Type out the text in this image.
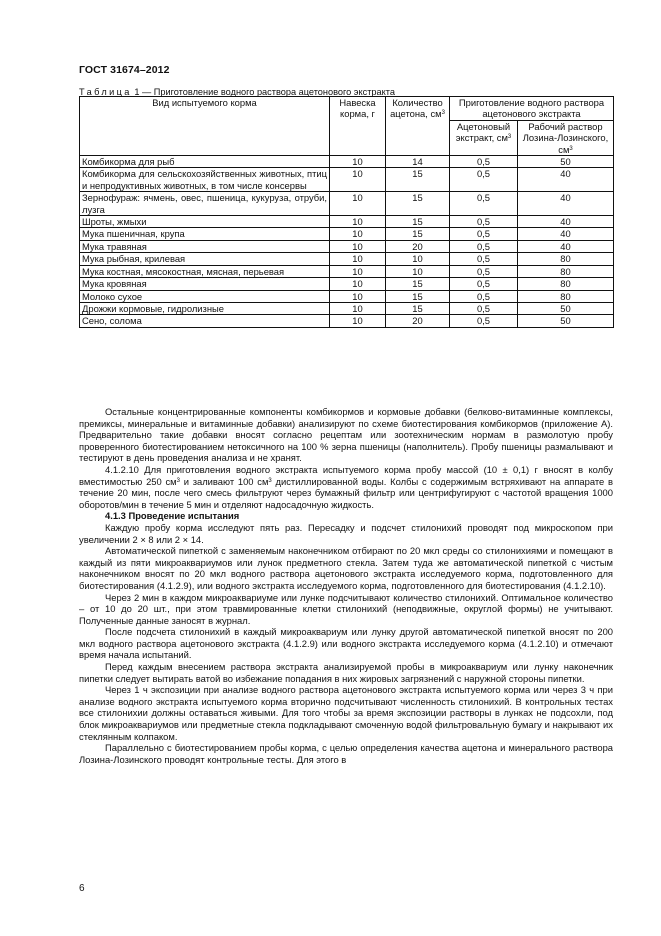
ГОСТ 31674–2012
Таблица 1 — Приготовление водного раствора ацетонового экстракта
Вид испытуемого корма	Навеска корма, г	Количество ацетона, $см^3$	Приготовление водного раствора ацетонового экстракта	
			Ацетоновый экстракт, $см^3$	Рабочий раствор Лозина-Лозинского, $см^3$
Комбикорма для рыб	10	14	0,5	50
Комбикорма для сельскохозяйственных животных, птиц и непродуктивных животных, в том числе консервы	10	15	0,5	40
Зернофураж: ячмень, овес, пшеница, кукуруза, отруби, лузга	10	15	0,5	40
Шроты, жмыхи	10	15	0,5	40
Мука пшеничная, крупа	10	15	0,5	40
Мука травяная	10	20	0,5	40
Мука рыбная, крилевая	10	10	0,5	80
Мука костная, мясокостная, мясная, перьевая	10	10	0,5	80
Мука кровяная	10	15	0,5	80
Молоко сухое	10	15	0,5	80
Дрожжи кормовые, гидролизные	10	15	0,5	50
Сено, солома	10	20	0,5	50

Остальные концентрированные компоненты комбикормов и кормовые добавки (белково-витаминные комплексы, премиксы, минеральные и витаминные добавки) анализируют по схеме биотестирования комбикормов (приложение А). Предварительно такие добавки вносят согласно рецептам или зоотехническим нормам в размолотую пробу проверенного биотестированием нетоксичного на 100 % зерна пшеницы (наполнитель). Пробу пшеницы размалывают и тестируют в день проведения анализа и не хранят.

4.1.2.10 Для приготовления водного экстракта испытуемого корма пробу массой (10 ± 0,1) г вносят в колбу вместимостью 250 $см^3$ и заливают 100 $см^3$ дистиллированной воды. Колбы с содержимым встряхивают на аппарате в течение 20 мин, после чего смесь фильтруют через бумажный фильтр или центрифугируют с частотой вращения 1000 оборотов/мин в течение 5 мин и отделяют надосадочную жидкость.

4.1.3 Проведение испытания

Каждую пробу корма исследуют пять раз. Пересадку и подсчет стилонихий проводят под микроскопом при увеличении 2 × 8 или 2 × 14.

Автоматической пипеткой с заменяемым наконечником отбирают по 20 мкл среды со стилонихиями и помещают в каждый из пяти микроаквариумов или лунок предметного стекла. Затем туда же автоматической пипеткой с чистым наконечником вносят по 20 мкл водного раствора ацетонового экстракта исследуемого корма, подготовленного для биотестирования (4.1.2.9), или водного экстракта исследуемого корма, подготовленного для биотестирования (4.1.2.10).

Через 2 мин в каждом микроаквариуме или лунке подсчитывают количество стилонихий. Оптимальное количество – от 10 до 20 шт., при этом травмированные клетки стилонихий (неподвижные, округлой формы) не учитывают. Полученные данные заносят в журнал.

После подсчета стилонихий в каждый микроаквариум или лунку другой автоматической пипеткой вносят по 200 мкл водного раствора ацетонового экстракта (4.1.2.9) или водного экстракта исследуемого корма (4.1.2.10) и отмечают время начала испытаний.

Перед каждым внесением раствора экстракта анализируемой пробы в микроаквариум или лунку наконечник пипетки следует вытирать ватой во избежание попадания в них жировых загрязнений с наружной стороны пипетки.

Через 1 ч экспозиции при анализе водного раствора ацетонового экстракта испытуемого корма или через 3 ч при анализе водного экстракта испытуемого корма вторично подсчитывают численность стилонихий. В контрольных тестах все стилонихии должны оставаться живыми. Для того чтобы за время экспозиции растворы в лунках не подсохли, под блок микроаквариумов или предметные стекла подкладывают смоченную водой фильтровальную бумагу и накрывают их стеклянным колпаком.

Параллельно с биотестированием пробы корма, с целью определения качества ацетона и минерального раствора Лозина-Лозинского проводят контрольные тесты. Для этого в

6
